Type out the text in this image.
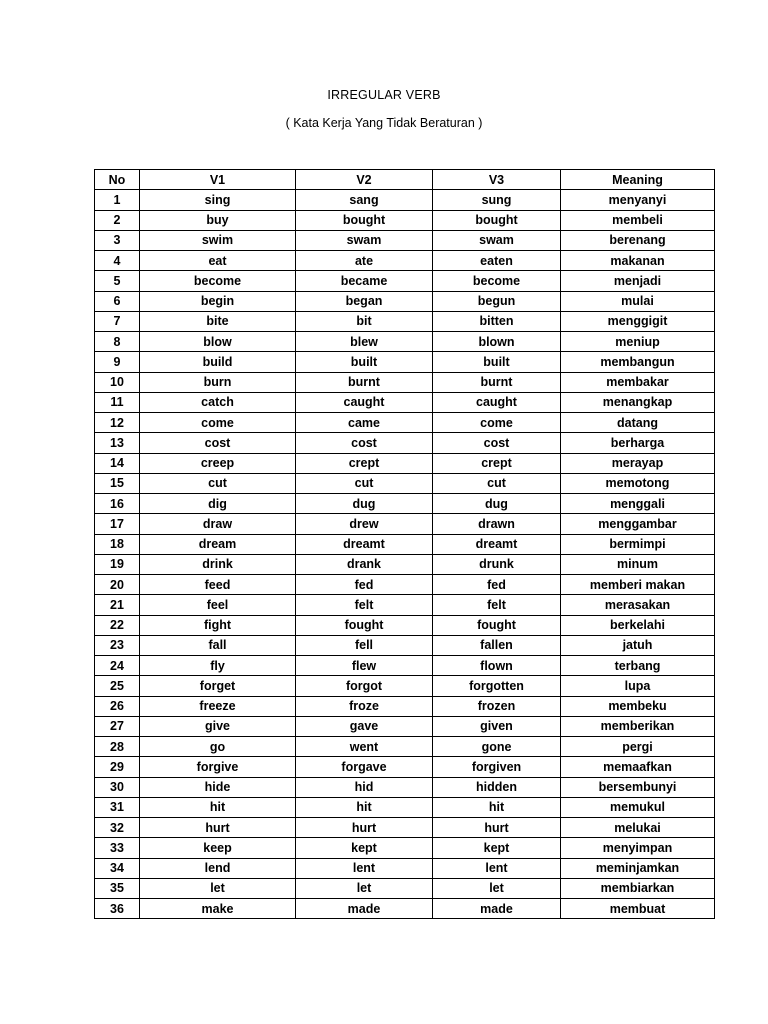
IRREGULAR VERB
( Kata Kerja Yang Tidak Beraturan )
No	V1	V2	V3	Meaning
1	sing	sang	sung	menyanyi
2	buy	bought	bought	membeli
3	swim	swam	swam	berenang
4	eat	ate	eaten	makanan
5	become	became	become	menjadi
6	begin	began	begun	mulai
7	bite	bit	bitten	menggigit
8	blow	blew	blown	meniup
9	build	built	built	membangun
10	burn	burnt	burnt	membakar
11	catch	caught	caught	menangkap
12	come	came	come	datang
13	cost	cost	cost	berharga
14	creep	crept	crept	merayap
15	cut	cut	cut	memotong
16	dig	dug	dug	menggali
17	draw	drew	drawn	menggambar
18	dream	dreamt	dreamt	bermimpi
19	drink	drank	drunk	minum
20	feed	fed	fed	memberi makan
21	feel	felt	felt	merasakan
22	fight	fought	fought	berkelahi
23	fall	fell	fallen	jatuh
24	fly	flew	flown	terbang
25	forget	forgot	forgotten	lupa
26	freeze	froze	frozen	membeku
27	give	gave	given	memberikan
28	go	went	gone	pergi
29	forgive	forgave	forgiven	memaafkan
30	hide	hid	hidden	bersembunyi
31	hit	hit	hit	memukul
32	hurt	hurt	hurt	melukai
33	keep	kept	kept	menyimpan
34	lend	lent	lent	meminjamkan
35	let	let	let	membiarkan
36	make	made	made	membuat
